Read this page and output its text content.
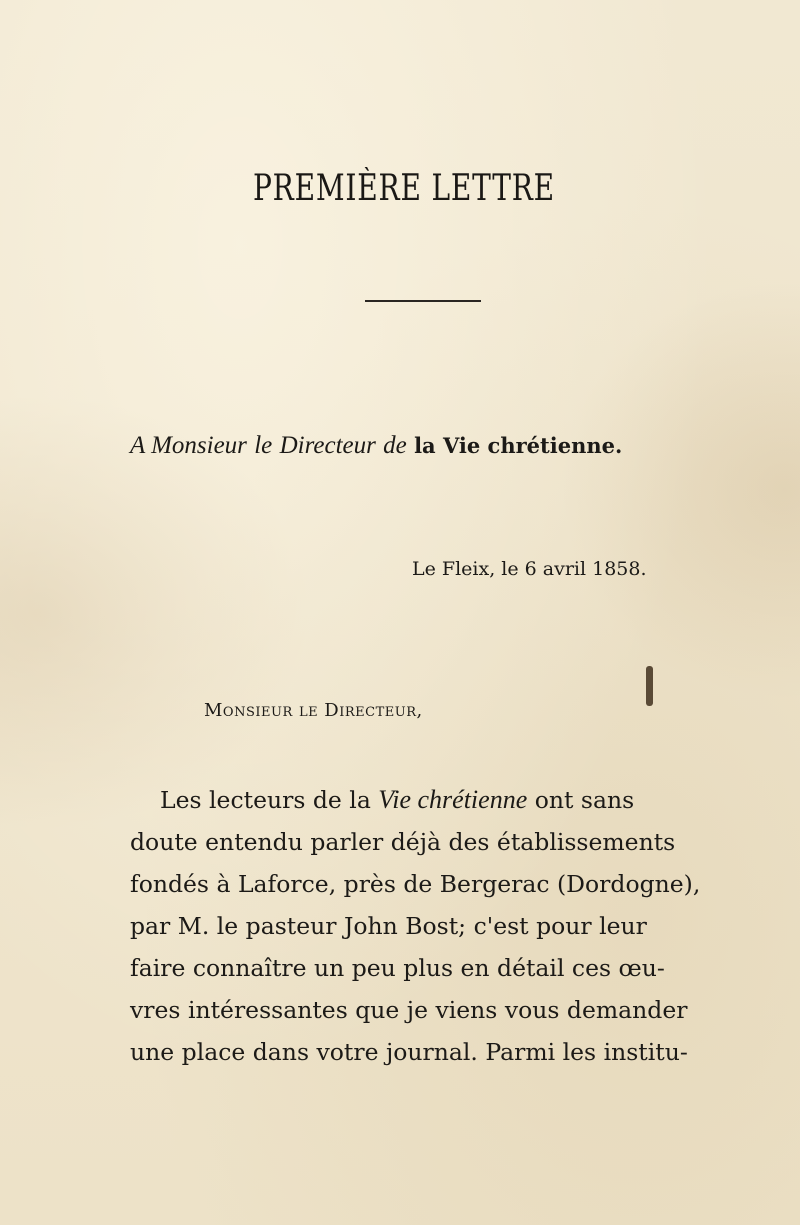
PREMIÈRE LETTRE
A Monsieur le Directeur de la Vie chrétienne.
Le Fleix, le 6 avril 1858.
Monsieur le Directeur,
Les lecteurs de la Vie chrétienne ont sans
doute entendu parler déjà des établissements
fondés à Laforce, près de Bergerac (Dordogne),
par M. le pasteur John Bost; c'est pour leur
faire connaître un peu plus en détail ces œu-
vres intéressantes que je viens vous demander
une place dans votre journal. Parmi les institu-
